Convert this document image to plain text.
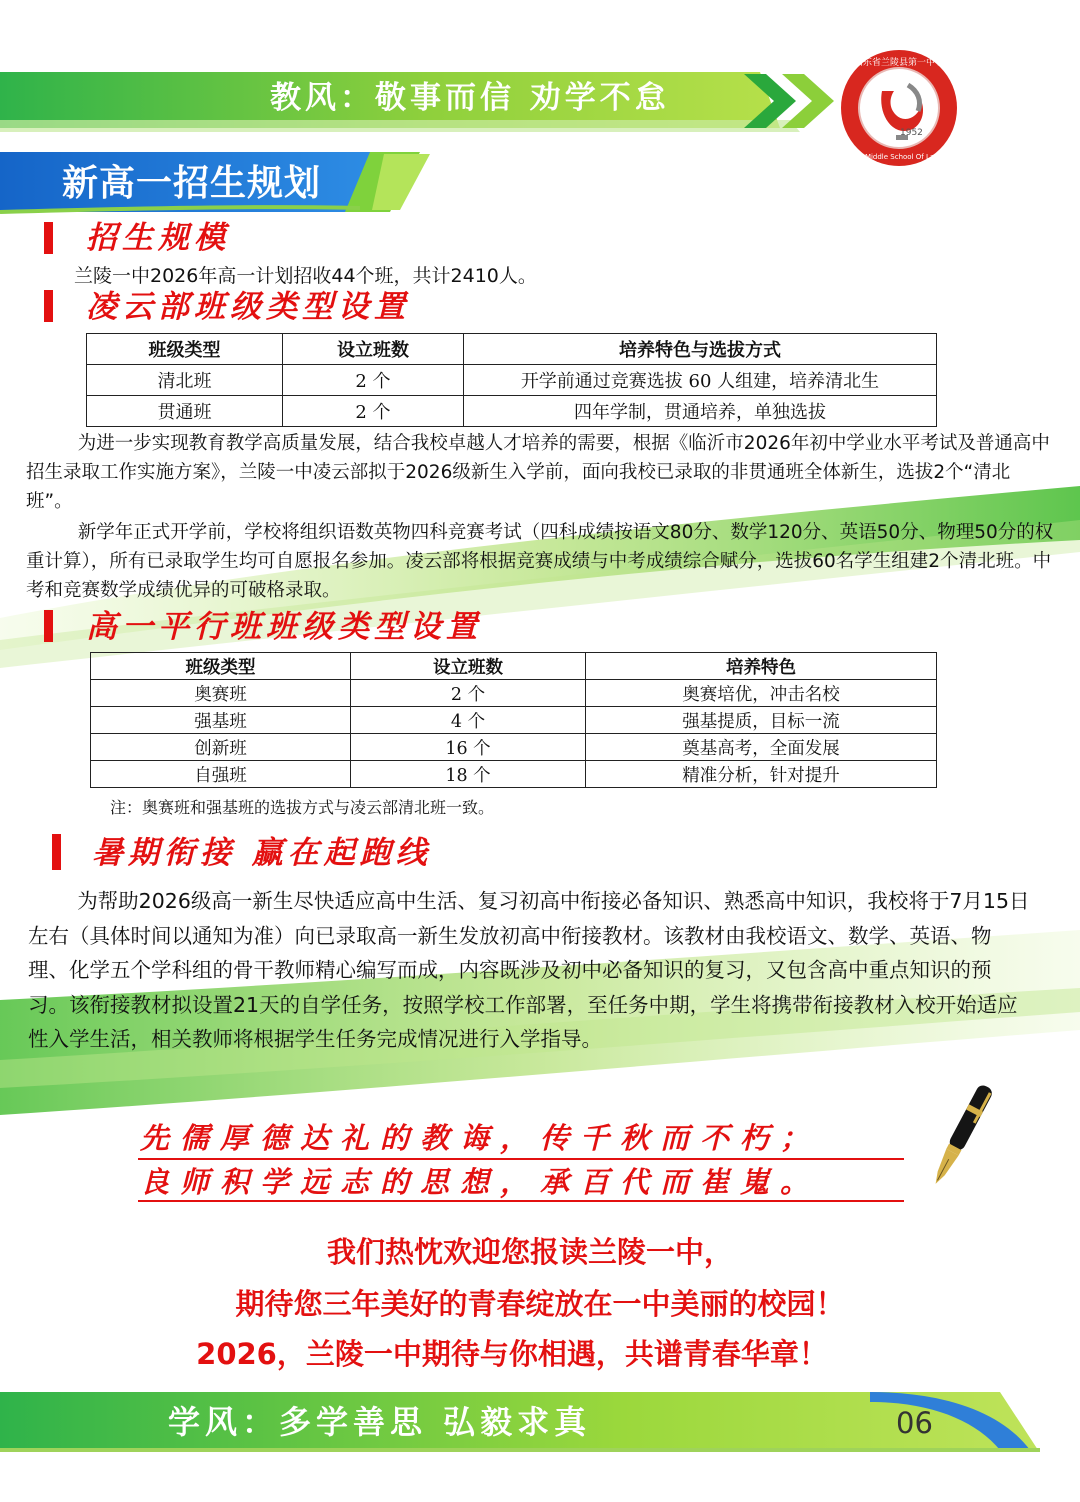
教风：敬事而信 劝学不怠
山东省兰陵县第一中学
No.1 Middle School Of Lanling
1952
新高一招生规划
招生规模

兰陵一中2026年高一计划招收44个班，共计2410人。

凌云部班级类型设置
班级类型	设立班数	培养特色与选拔方式
清北班	2 个	开学前通过竞赛选拔 60 人组建，培养清北生
贯通班	2 个	四年学制，贯通培养，单独选拔

为进一步实现教育教学高质量发展，结合我校卓越人才培养的需要，根据《临沂市2026年初中学业水平考试及普通高中招生录取工作实施方案》，兰陵一中凌云部拟于2026级新生入学前，面向我校已录取的非贯通班全体新生，选拔2个“清北班”。

新学年正式开学前，学校将组织语数英物四科竞赛考试（四科成绩按语文80分、数学120分、英语50分、物理50分的权重计算），所有已录取学生均可自愿报名参加。凌云部将根据竞赛成绩与中考成绩综合赋分，选拔60名学生组建2个清北班。中考和竞赛数学成绩优异的可破格录取。

高一平行班班级类型设置
班级类型	设立班数	培养特色
奥赛班	2 个	奥赛培优，冲击名校
强基班	4 个	强基提质，目标一流
创新班	16 个	奠基高考，全面发展
自强班	18 个	精准分析，针对提升
注：奥赛班和强基班的选拔方式与凌云部清北班一致。
暑期衔接 赢在起跑线

为帮助2026级高一新生尽快适应高中生活、复习初高中衔接必备知识、熟悉高中知识，我校将于7月15日左右（具体时间以通知为准）向已录取高一新生发放初高中衔接教材。该教材由我校语文、数学、英语、物理、化学五个学科组的骨干教师精心编写而成，内容既涉及初中必备知识的复习，又包含高中重点知识的预习。该衔接教材拟设置21天的自学任务，按照学校工作部署，至任务中期，学生将携带衔接教材入校开始适应性入学生活，相关教师将根据学生任务完成情况进行入学指导。

先儒厚德达礼的教诲，传千秋而不朽；
良师积学远志的思想，承百代而崔嵬。
我们热忱欢迎您报读兰陵一中，
期待您三年美好的青春绽放在一中美丽的校园！
2026，兰陵一中期待与你相遇，共谱青春华章！
学风：多学善思 弘毅求真	06
